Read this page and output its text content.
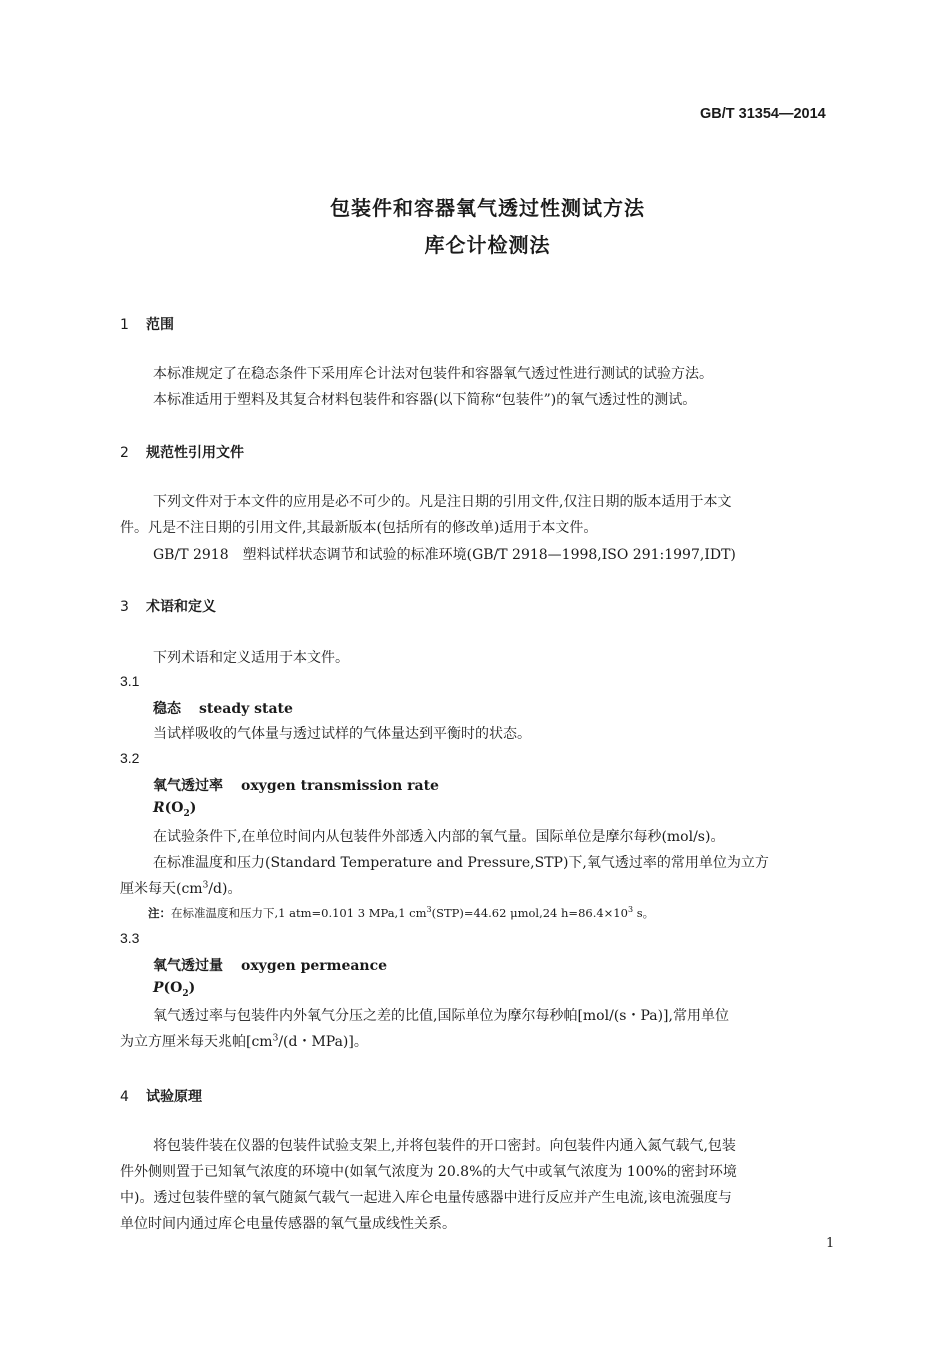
GB/T 31354—2014
包装件和容器氧气透过性测试方法
库仑计检测法
1 范围
本标准规定了在稳态条件下采用库仑计法对包装件和容器氧气透过性进行测试的试验方法。
本标准适用于塑料及其复合材料包装件和容器(以下简称“包装件”)的氧气透过性的测试。
2 规范性引用文件
下列文件对于本文件的应用是必不可少的。凡是注日期的引用文件,仅注日期的版本适用于本文
件。凡是不注日期的引用文件,其最新版本(包括所有的修改单)适用于本文件。
GB/T 2918　塑料试样状态调节和试验的标准环境(GB/T 2918—1998,ISO 291:1997,IDT)
3 术语和定义
下列术语和定义适用于本文件。
3.1
稳态 steady state
当试样吸收的气体量与透过试样的气体量达到平衡时的状态。
3.2
氧气透过率 oxygen transmission rate
$R(O_2)$
在试验条件下,在单位时间内从包装件外部透入内部的氧气量。国际单位是摩尔每秒(mol/s)。
在标准温度和压力(Standard Temperature and Pressure,STP)下,氧气透过率的常用单位为立方
厘米每天$(cm^3/d)$。
注：在标准温度和压力下,1 atm=0.101 3 MPa,1 $cm^3(STP)=44.62$ μmol,24 $h=86.4\times 10^3$ s。
3.3
氧气透过量 oxygen permeance
$P(O_2)$
氧气透过率与包装件内外氧气分压之差的比值,国际单位为摩尔每秒帕[mol/(s・Pa)],常用单位
为立方厘米每天兆帕[$cm^3/(d$・MPa)]。
4 试验原理
将包装件装在仪器的包装件试验支架上,并将包装件的开口密封。向包装件内通入氮气载气,包装
件外侧则置于已知氧气浓度的环境中(如氧气浓度为 20.8%的大气中或氧气浓度为 100%的密封环境
中)。透过包装件壁的氧气随氮气载气一起进入库仑电量传感器中进行反应并产生电流,该电流强度与
单位时间内通过库仑电量传感器的氧气量成线性关系。
1
